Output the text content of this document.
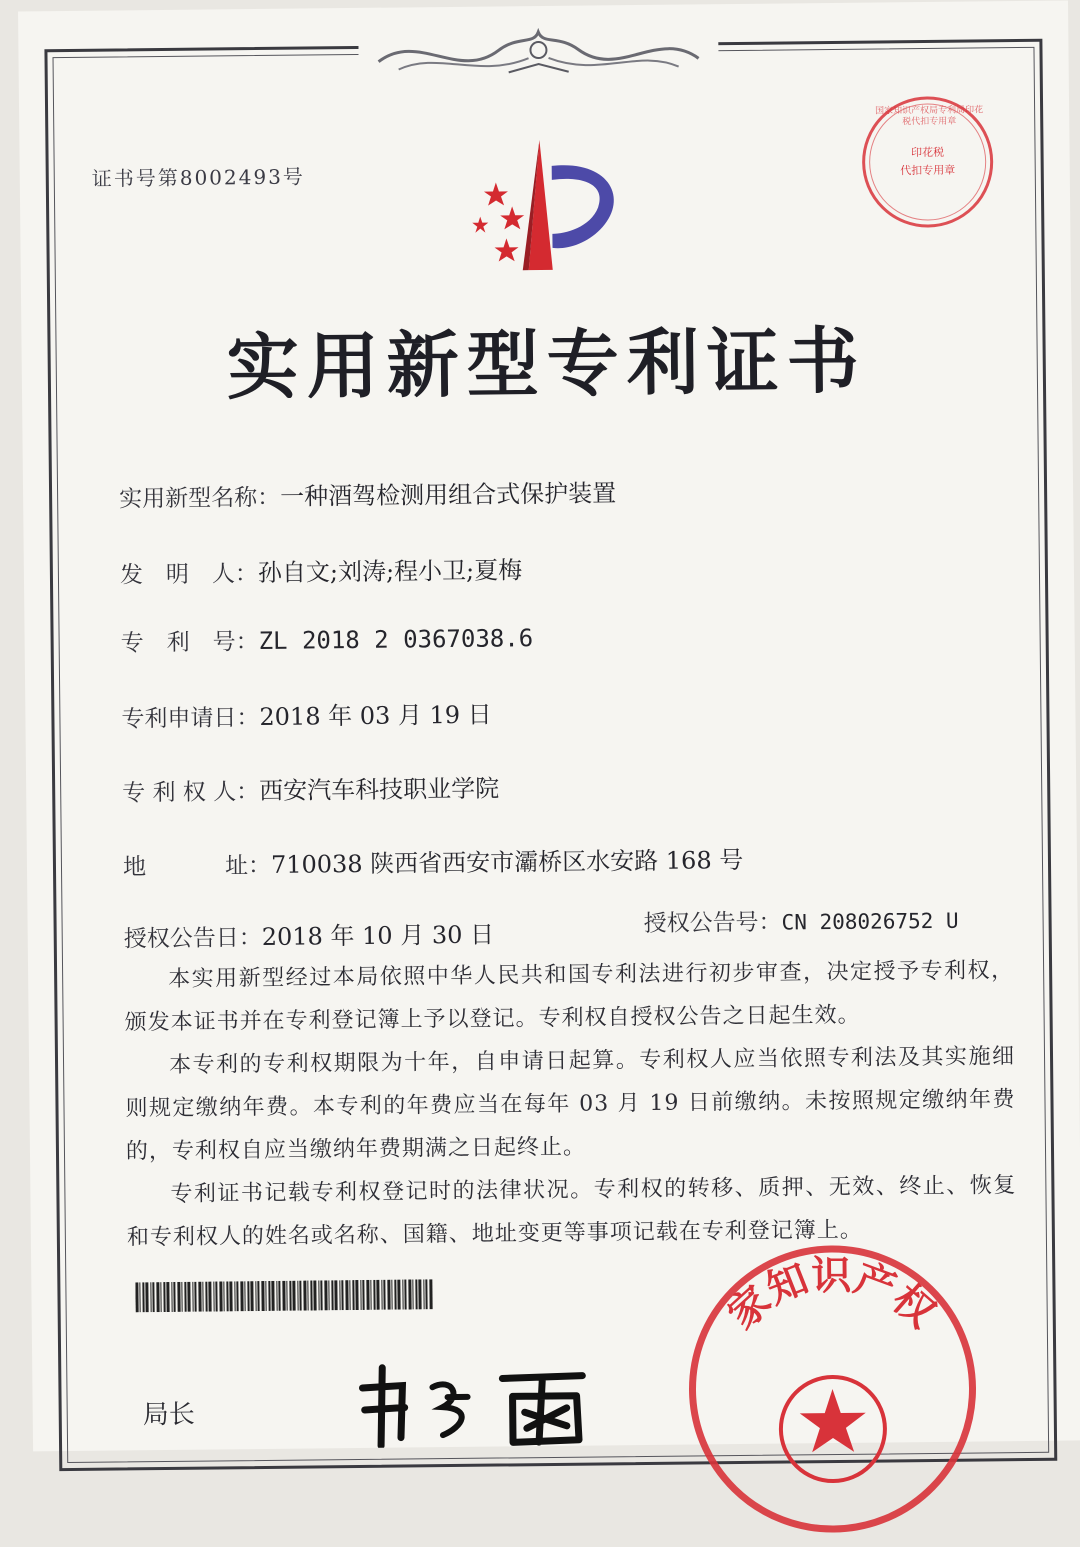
证书号第8002493号
印花税
代扣专用章
国家知识产权局专利局印花税代扣专用章
实用新型专利证书
实用新型名称：一种酒驾检测用组合式保护装置
发　明　人：孙自文;刘涛;程小卫;夏梅
专　利　号：ZL 2018 2 0367038.6
专利申请日：2018 年 03 月 19 日
专 利 权 人：西安汽车科技职业学院
地	址：710038 陕西省西安市灞桥区水安路 168 号
授权公告日：2018 年 10 月 30 日	授权公告号：CN 208026752 U

本实用新型经过本局依照中华人民共和国专利法进行初步审查，决定授予专利权，颁发本证书并在专利登记簿上予以登记。专利权自授权公告之日起生效。

本专利的专利权期限为十年，自申请日起算。专利权人应当依照专利法及其实施细则规定缴纳年费。本专利的年费应当在每年 03 月 19 日前缴纳。未按照规定缴纳年费的，专利权自应当缴纳年费期满之日起终止。

专利证书记载专利权登记时的法律状况。专利权的转移、质押、无效、终止、恢复和专利权人的姓名或名称、国籍、地址变更等事项记载在专利登记簿上。

局长
家知识产权
